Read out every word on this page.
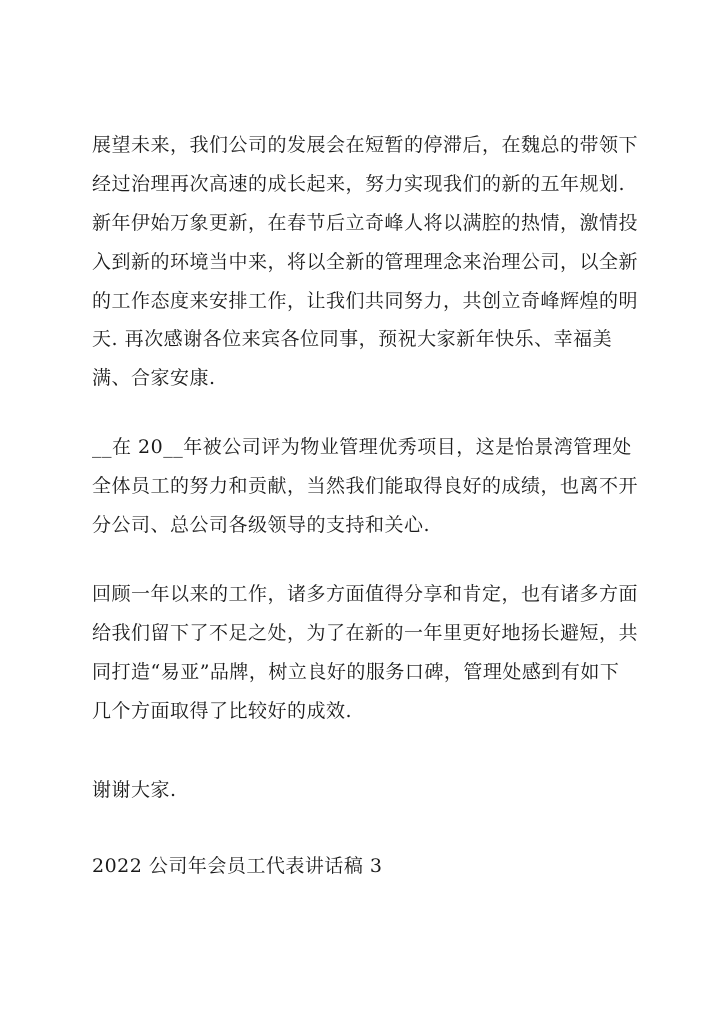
展望未来，我们公司的发展会在短暂的停滞后，在魏总的带领下
经过治理再次高速的成长起来，努力实现我们的新的五年规划.
新年伊始万象更新，在春节后立奇峰人将以满腔的热情，激情投
入到新的环境当中来，将以全新的管理理念来治理公司，以全新
的工作态度来安排工作，让我们共同努力，共创立奇峰辉煌的明
天. 再次感谢各位来宾各位同事，预祝大家新年快乐、幸福美
满、合家安康.
__在 20__年被公司评为物业管理优秀项目，这是怡景湾管理处
全体员工的努力和贡献，当然我们能取得良好的成绩，也离不开
分公司、总公司各级领导的支持和关心.
回顾一年以来的工作，诸多方面值得分享和肯定，也有诸多方面
给我们留下了不足之处，为了在新的一年里更好地扬长避短，共
同打造“易亚”品牌，树立良好的服务口碑，管理处感到有如下
几个方面取得了比较好的成效.
谢谢大家.
2022 公司年会员工代表讲话稿 3
